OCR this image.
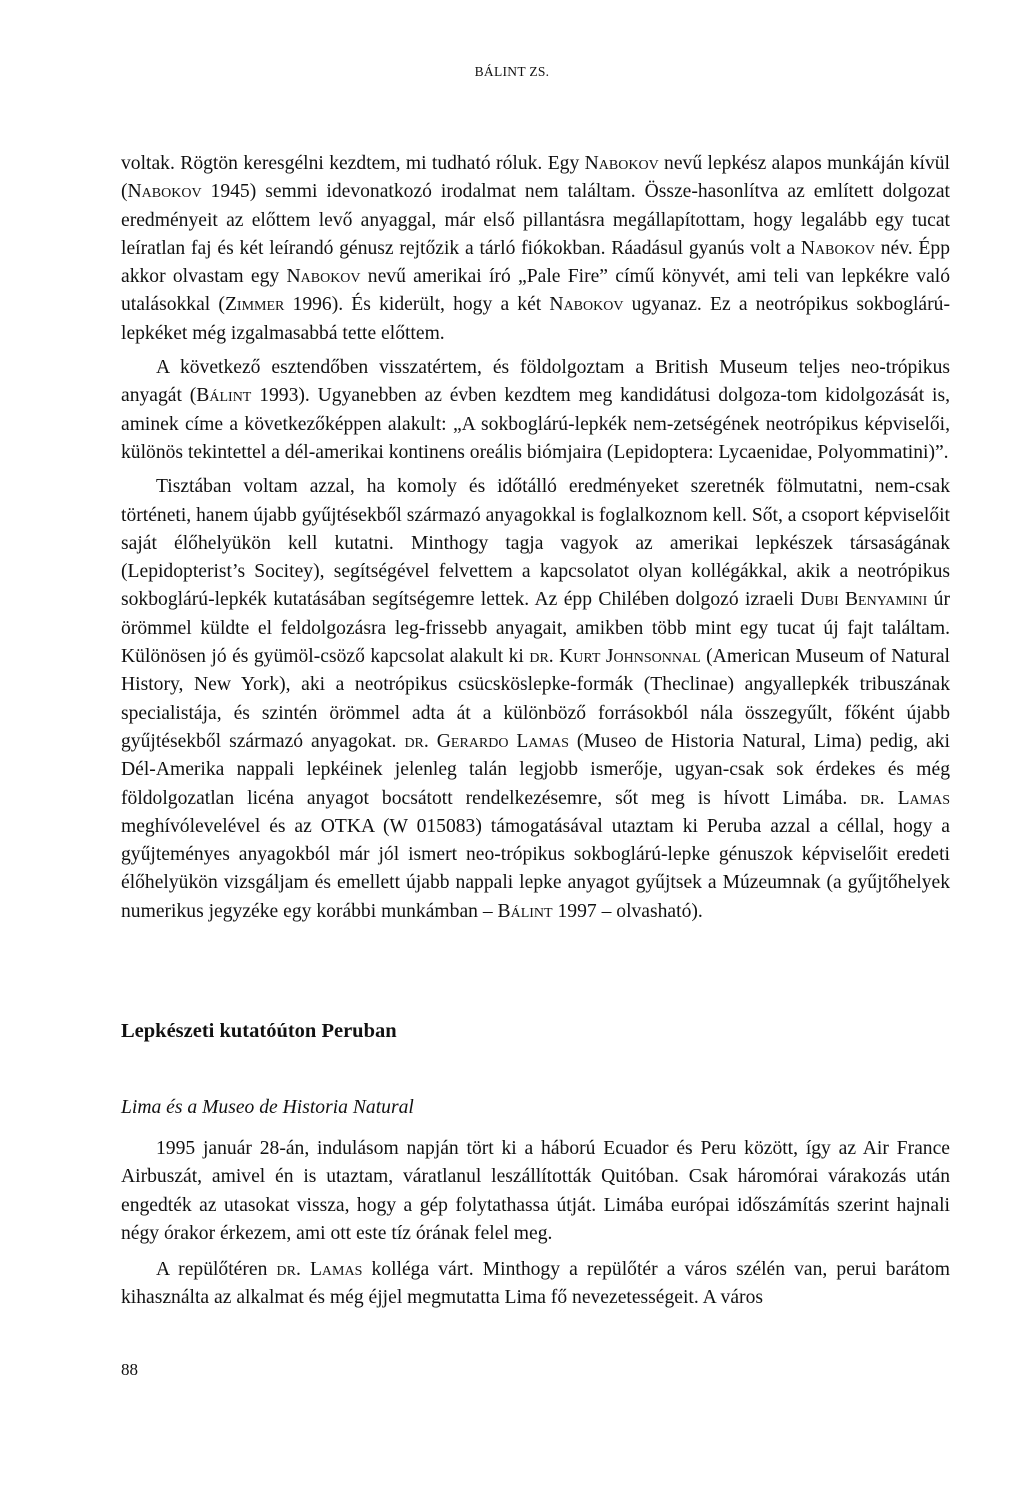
BÁLINT ZS.

voltak. Rögtön keresgélni kezdtem, mi tudható róluk. Egy Nabokov nevű lepkész alapos munkáján kívül (Nabokov 1945) semmi idevonatkozó irodalmat nem találtam. Össze-hasonlítva az említett dolgozat eredményeit az előttem levő anyaggal, már első pillantásra megállapítottam, hogy legalább egy tucat leíratlan faj és két leírandó génusz rejtőzik a tárló fiókokban. Ráadásul gyanús volt a Nabokov név. Épp akkor olvastam egy Nabokov nevű amerikai író „Pale Fire” című könyvét, ami teli van lepkékre való utalásokkal (Zimmer 1996). És kiderült, hogy a két Nabokov ugyanaz. Ez a neotrópikus sokboglárú-lepkéket még izgalmasabbá tette előttem.

A következő esztendőben visszatértem, és földolgoztam a British Museum teljes neo-trópikus anyagát (Bálint 1993). Ugyanebben az évben kezdtem meg kandidátusi dolgoza-tom kidolgozását is, aminek címe a következőképpen alakult: „A sokboglárú-lepkék nem-zetségének neotrópikus képviselői, különös tekintettel a dél-amerikai kontinens oreális biómjaira (Lepidoptera: Lycaenidae, Polyommatini)”.

Tisztában voltam azzal, ha komoly és időtálló eredményeket szeretnék fölmutatni, nem-csak történeti, hanem újabb gyűjtésekből származó anyagokkal is foglalkoznom kell. Sőt, a csoport képviselőit saját élőhelyükön kell kutatni. Minthogy tagja vagyok az amerikai lepkészek társaságának (Lepidopterist’s Socitey), segítségével felvettem a kapcsolatot olyan kollégákkal, akik a neotrópikus sokboglárú-lepkék kutatásában segítségemre lettek. Az épp Chilében dolgozó izraeli Dubi Benyamini úr örömmel küldte el feldolgozásra leg-frissebb anyagait, amikben több mint egy tucat új fajt találtam. Különösen jó és gyümöl-csöző kapcsolat alakult ki dr. Kurt Johnsonnal (American Museum of Natural History, New York), aki a neotrópikus csücsköslepke-formák (Theclinae) angyallepkék tribuszának specialistája, és szintén örömmel adta át a különböző forrásokból nála összegyűlt, főként újabb gyűjtésekből származó anyagokat. dr. Gerardo Lamas (Museo de Historia Natural, Lima) pedig, aki Dél-Amerika nappali lepkéinek jelenleg talán legjobb ismerője, ugyan-csak sok érdekes és még földolgozatlan licéna anyagot bocsátott rendelkezésemre, sőt meg is hívott Limába. dr. Lamas meghívólevelével és az OTKA (W 015083) támogatásával utaztam ki Peruba azzal a céllal, hogy a gyűjteményes anyagokból már jól ismert neo-trópikus sokboglárú-lepke génuszok képviselőit eredeti élőhelyükön vizsgáljam és emellett újabb nappali lepke anyagot gyűjtsek a Múzeumnak (a gyűjtőhelyek numerikus jegyzéke egy korábbi munkámban – Bálint 1997 – olvasható).

Lepkészeti kutatóúton Peruban
Lima és a Museo de Historia Natural

1995 január 28-án, indulásom napján tört ki a háború Ecuador és Peru között, így az Air France Airbuszát, amivel én is utaztam, váratlanul leszállították Quitóban. Csak háromórai várakozás után engedték az utasokat vissza, hogy a gép folytathassa útját. Limába európai időszámítás szerint hajnali négy órakor érkezem, ami ott este tíz órának felel meg.

A repülőtéren dr. Lamas kolléga várt. Minthogy a repülőtér a város szélén van, perui barátom kihasználta az alkalmat és még éjjel megmutatta Lima fő nevezetességeit. A város

88
